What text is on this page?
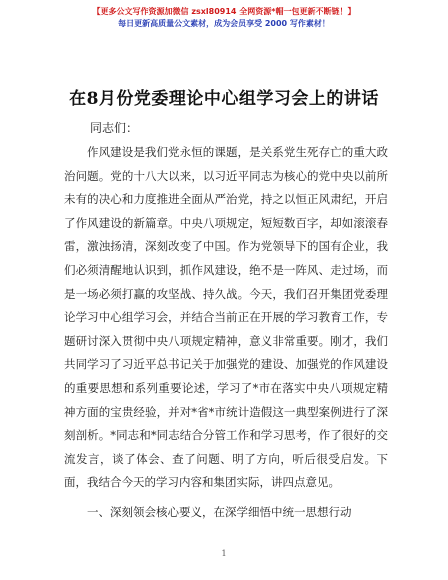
【更多公文写作资源加微信 zsxl80914 全网资源*帽一包更新不断链！】
每日更新高质量公文素材，成为会员享受 2000 写作素材！
在8月份党委理论中心组学习会上的讲话
同志们：

作风建设是我们党永恒的课题，是关系党生死存亡的重大政治问题。党的十八大以来，以习近平同志为核心的党中央以前所未有的决心和力度推进全面从严治党，持之以恒正风肃纪，开启了作风建设的新篇章。中央八项规定，短短数百字，却如滚滚春雷，激浊扬清，深刻改变了中国。作为党领导下的国有企业，我们必须清醒地认识到，抓作风建设，绝不是一阵风、走过场，而是一场必须打赢的攻坚战、持久战。今天，我们召开集团党委理论学习中心组学习会，并结合当前正在开展的学习教育工作，专题研讨深入贯彻中央八项规定精神，意义非常重要。刚才，我们共同学习了习近平总书记关于加强党的建设、加强党的作风建设的重要思想和系列重要论述，学习了*市在落实中央八项规定精神方面的宝贵经验，并对*省*市统计造假这一典型案例进行了深刻剖析。*同志和*同志结合分管工作和学习思考，作了很好的交流发言，谈了体会、查了问题、明了方向，听后很受启发。下面，我结合今天的学习内容和集团实际，讲四点意见。

一、深刻领会核心要义，在深学细悟中统一思想行动
1
